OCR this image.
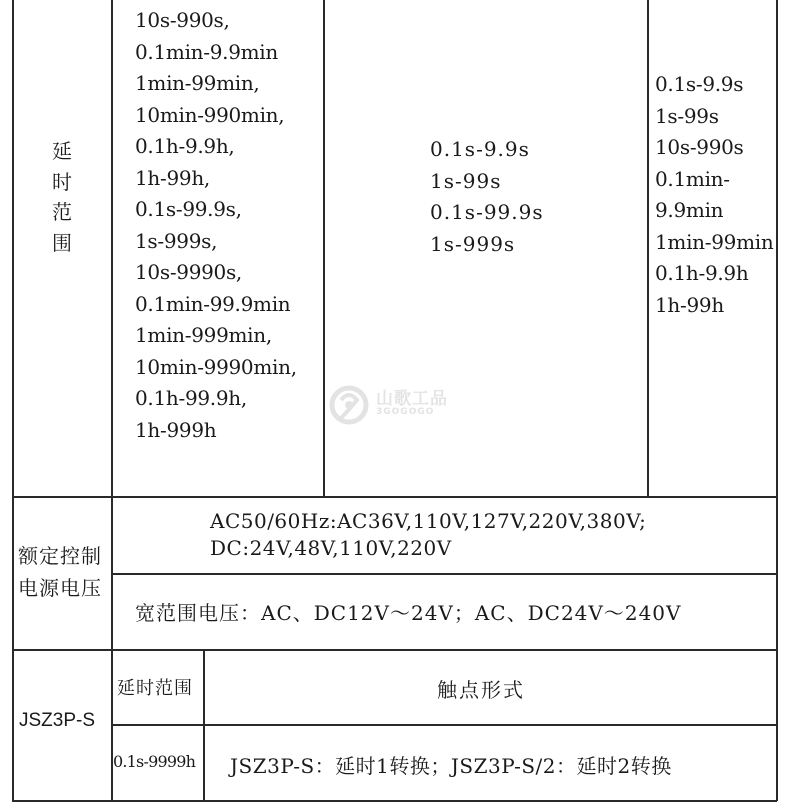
延
时
范
围
10s-990s,
0.1min-9.9min
1min-99min,
10min-990min,
0.1h-9.9h,
1h-99h,
0.1s-99.9s,
1s-999s,
10s-9990s,
0.1min-99.9min
1min-999min,
10min-9990min,
0.1h-99.9h,
1h-999h
0.1s-9.9s
1s-99s
0.1s-99.9s
1s-999s
0.1s-9.9s
1s-99s
10s-990s
0.1min-
9.9min
1min-99min
0.1h-9.9h
1h-99h
山歌工品
3GOGOGO
额定控制
电源电压
AC50/60Hz:AC36V,110V,127V,220V,380V;
DC:24V,48V,110V,220V
宽范围电压：AC、DC12V～24V；AC、DC24V～240V
JSZ3P-S
延时范围	触点形式
0.1s-9999h JSZ3P-S：延时1转换；JSZ3P-S/2：延时2转换
